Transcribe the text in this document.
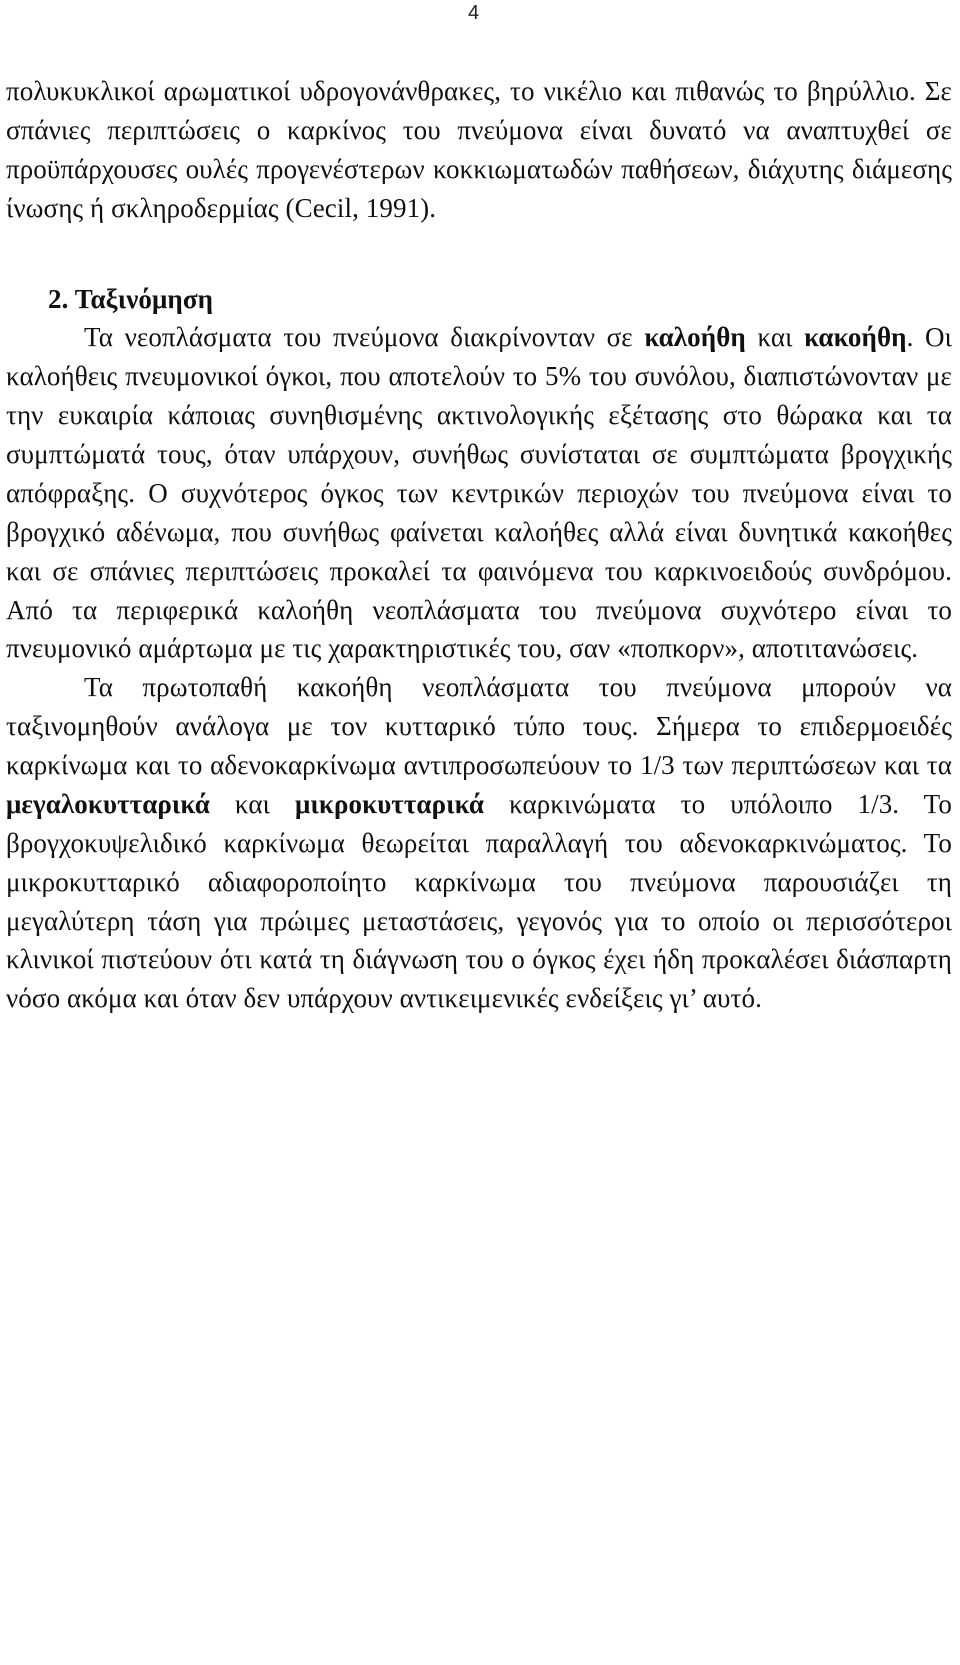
4

πολυκυκλικοί αρωματικοί υδρογονάνθρακες, το νικέλιο και πιθανώς το βηρύλλιο. Σε σπάνιες περιπτώσεις ο καρκίνος του πνεύμονα είναι δυνατό να αναπτυχθεί σε προϋπάρχουσες ουλές προγενέστερων κοκκιωματωδών παθήσεων, διάχυτης διάμεσης ίνωσης ή σκληροδερμίας (Cecil, 1991).

2. Ταξινόμηση

Τα νεοπλάσματα του πνεύμονα διακρίνονταν σε καλοήθη και κακοήθη. Οι καλοήθεις πνευμονικοί όγκοι, που αποτελούν το 5% του συνόλου, διαπιστώνονταν με την ευκαιρία κάποιας συνηθισμένης ακτινολογικής εξέτασης στο θώρακα και τα συμπτώματά τους, όταν υπάρχουν, συνήθως συνίσταται σε συμπτώματα βρογχικής απόφραξης. Ο συχνότερος όγκος των κεντρικών περιοχών του πνεύμονα είναι το βρογχικό αδένωμα, που συνήθως φαίνεται καλοήθες αλλά είναι δυνητικά κακοήθες και σε σπάνιες περιπτώσεις προκαλεί τα φαινόμενα του καρκινοειδούς συνδρόμου. Από τα περιφερικά καλοήθη νεοπλάσματα του πνεύμονα συχνότερο είναι το πνευμονικό αμάρτωμα με τις χαρακτηριστικές του, σαν «ποπκορν», αποτιτανώσεις.

Τα πρωτοπαθή κακοήθη νεοπλάσματα του πνεύμονα μπορούν να ταξινομηθούν ανάλογα με τον κυτταρικό τύπο τους. Σήμερα το επιδερμοειδές καρκίνωμα και το αδενοκαρκίνωμα αντιπροσωπεύουν το 1/3 των περιπτώσεων και τα μεγαλοκυτταρικά και μικροκυτταρικά καρκινώματα το υπόλοιπο 1/3. Το βρογχοκυψελιδικό καρκίνωμα θεωρείται παραλλαγή του αδενοκαρκινώματος. Το μικροκυτταρικό αδιαφοροποίητο καρκίνωμα του πνεύμονα παρουσιάζει τη μεγαλύτερη τάση για πρώιμες μεταστάσεις, γεγονός για το οποίο οι περισσότεροι κλινικοί πιστεύουν ότι κατά τη διάγνωση του ο όγκος έχει ήδη προκαλέσει διάσπαρτη νόσο ακόμα και όταν δεν υπάρχουν αντικειμενικές ενδείξεις γι’ αυτό.
